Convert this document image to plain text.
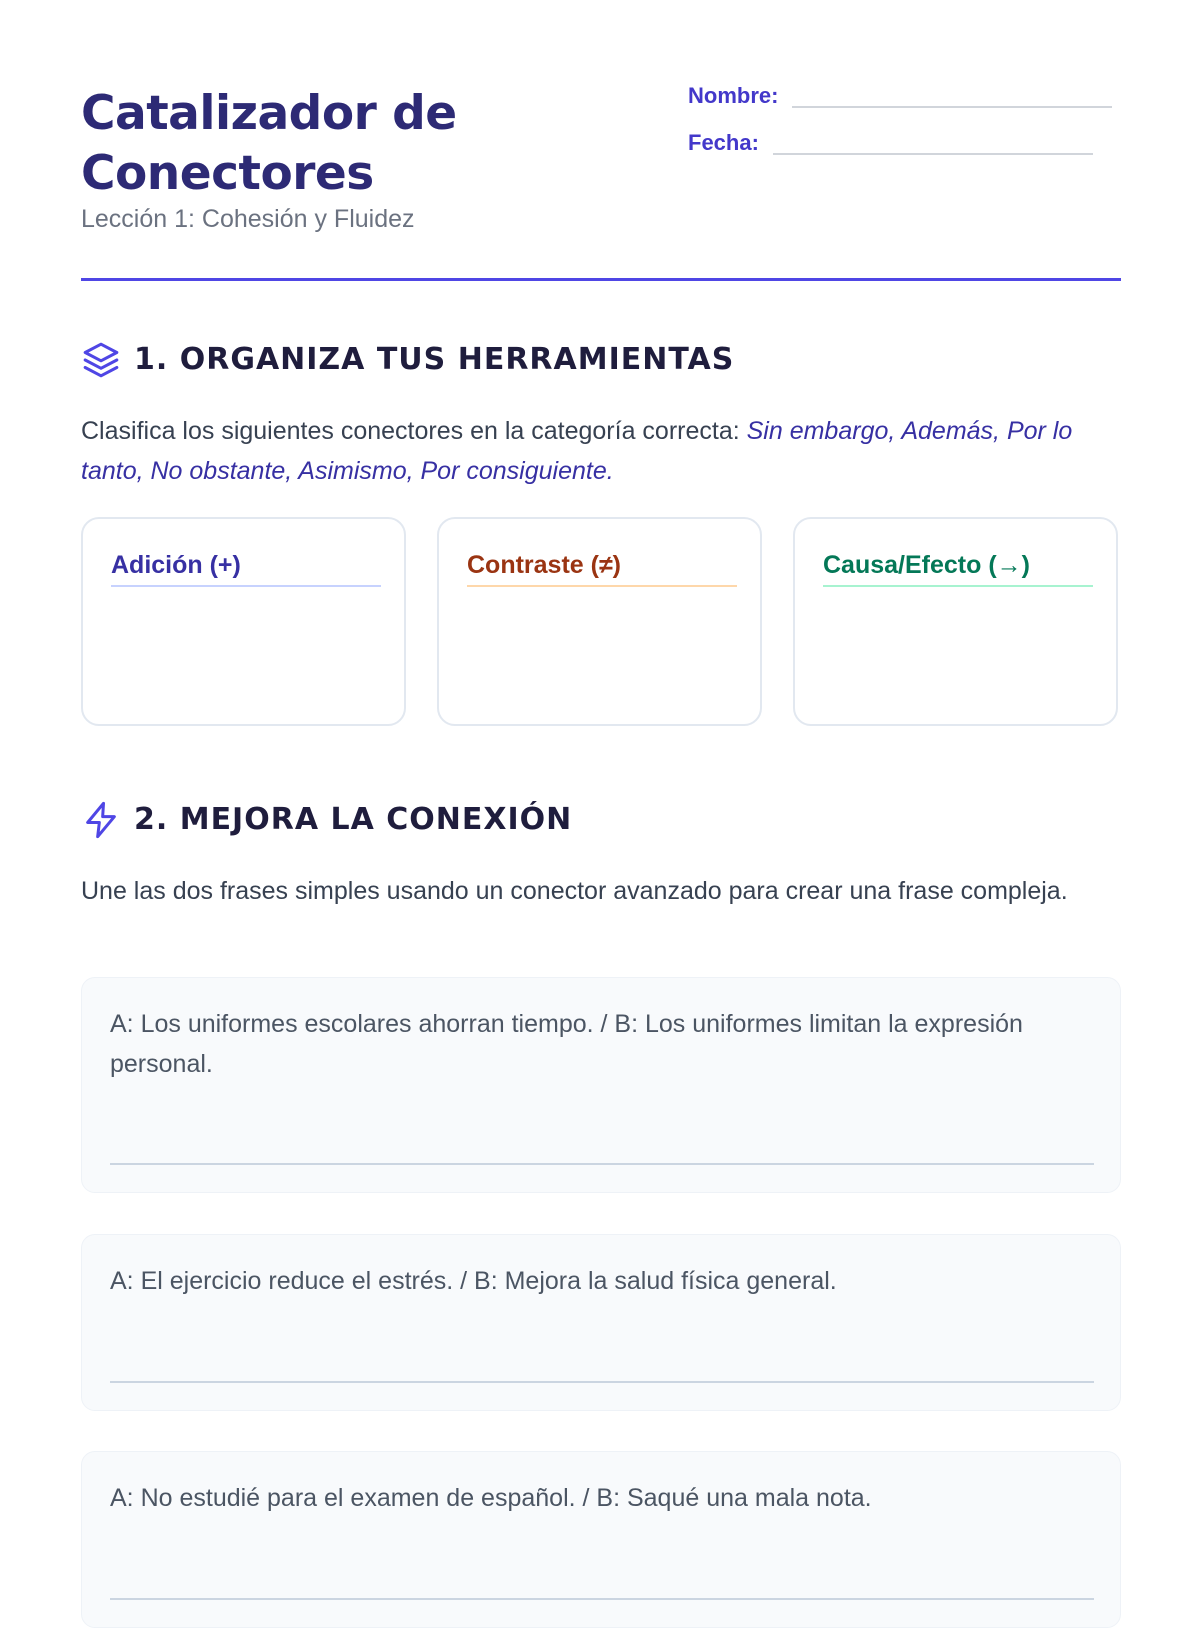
Catalizador de
Conectores
Lección 1: Cohesión y Fluidez
Nombre:
Fecha:
1. ORGANIZA TUS HERRAMIENTAS

Clasifica los siguientes conectores en la categoría correcta: Sin embargo, Además, Por lo tanto, No obstante, Asimismo, Por consiguiente.

Adición (+)	Contraste (≠)	Causa/Efecto (→)
2. MEJORA LA CONEXIÓN

Une las dos frases simples usando un conector avanzado para crear una frase compleja.

A: Los uniformes escolares ahorran tiempo. / B: Los uniformes limitan la expresión personal.

A: El ejercicio reduce el estrés. / B: Mejora la salud física general.

A: No estudié para el examen de español. / B: Saqué una mala nota.
